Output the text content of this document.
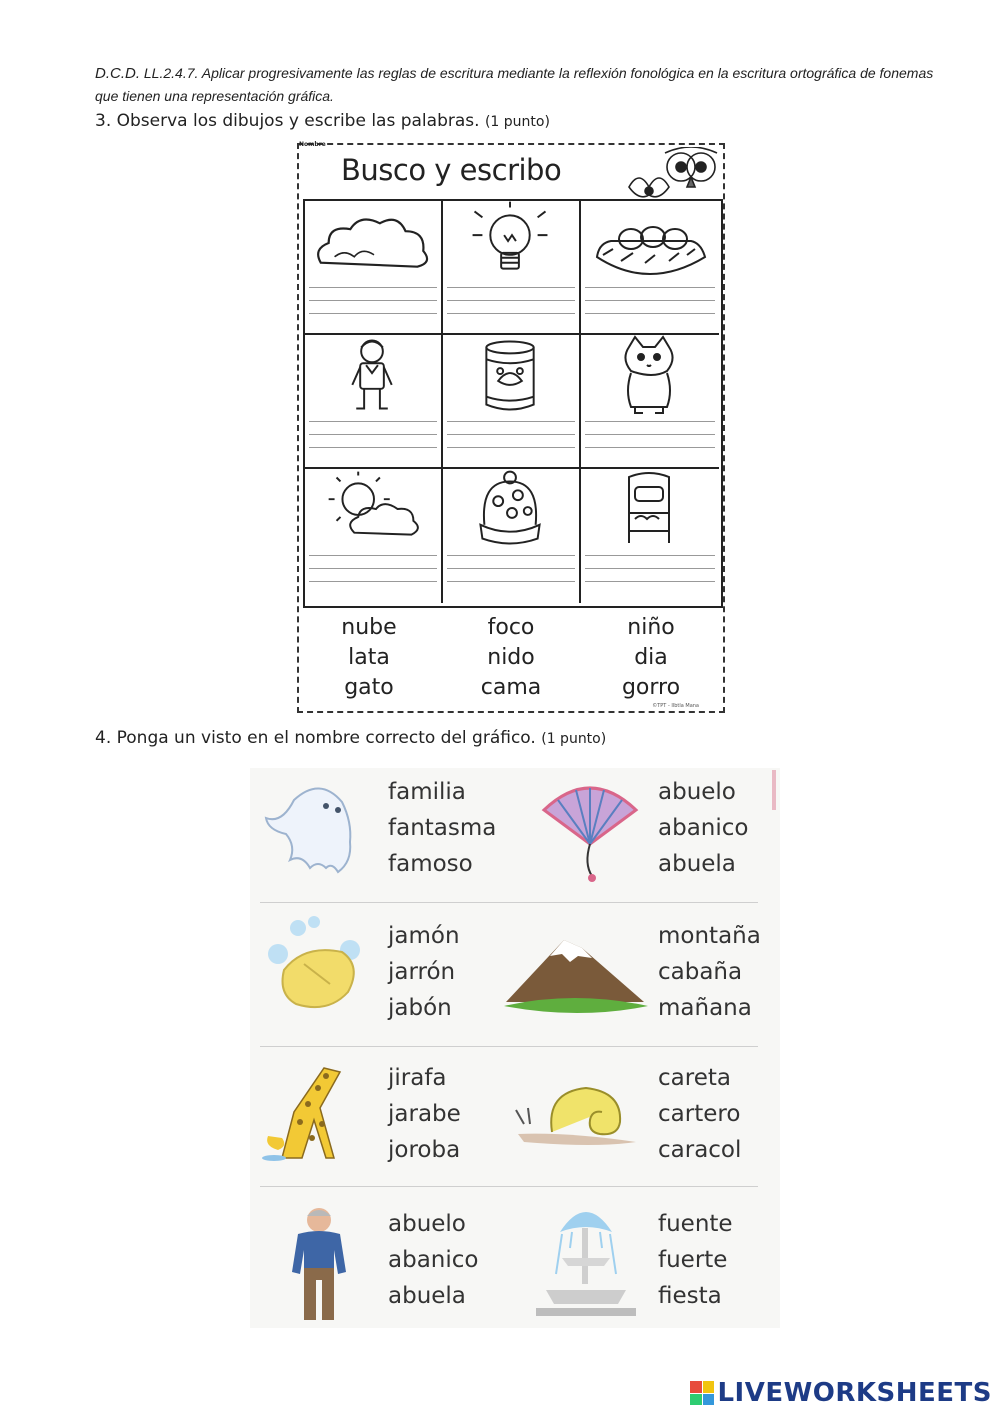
D.C.D. LL.2.4.7. Aplicar progresivamente las reglas de escritura mediante la reflexión fonológica en la escritura ortográfica de fonemas que tienen una representación gráfica.
3. Observa los dibujos y escribe las palabras. (1 punto)
Nombre
Busco y escribo
nube
lata
gato
foco
nido
cama
niño
dia
gorro
©TPT - Ilbtla Mana
4. Ponga un visto en el nombre correcto del gráfico. (1 punto)
familia
fantasma
famoso
abuelo
abanico
abuela
jamón
jarrón
jabón
montaña
cabaña
mañana
jirafa
jarabe
joroba
careta
cartero
caracol
abuelo
abanico
abuela
fuente
fuerte
fiesta
LIVEWORKSHEETS
